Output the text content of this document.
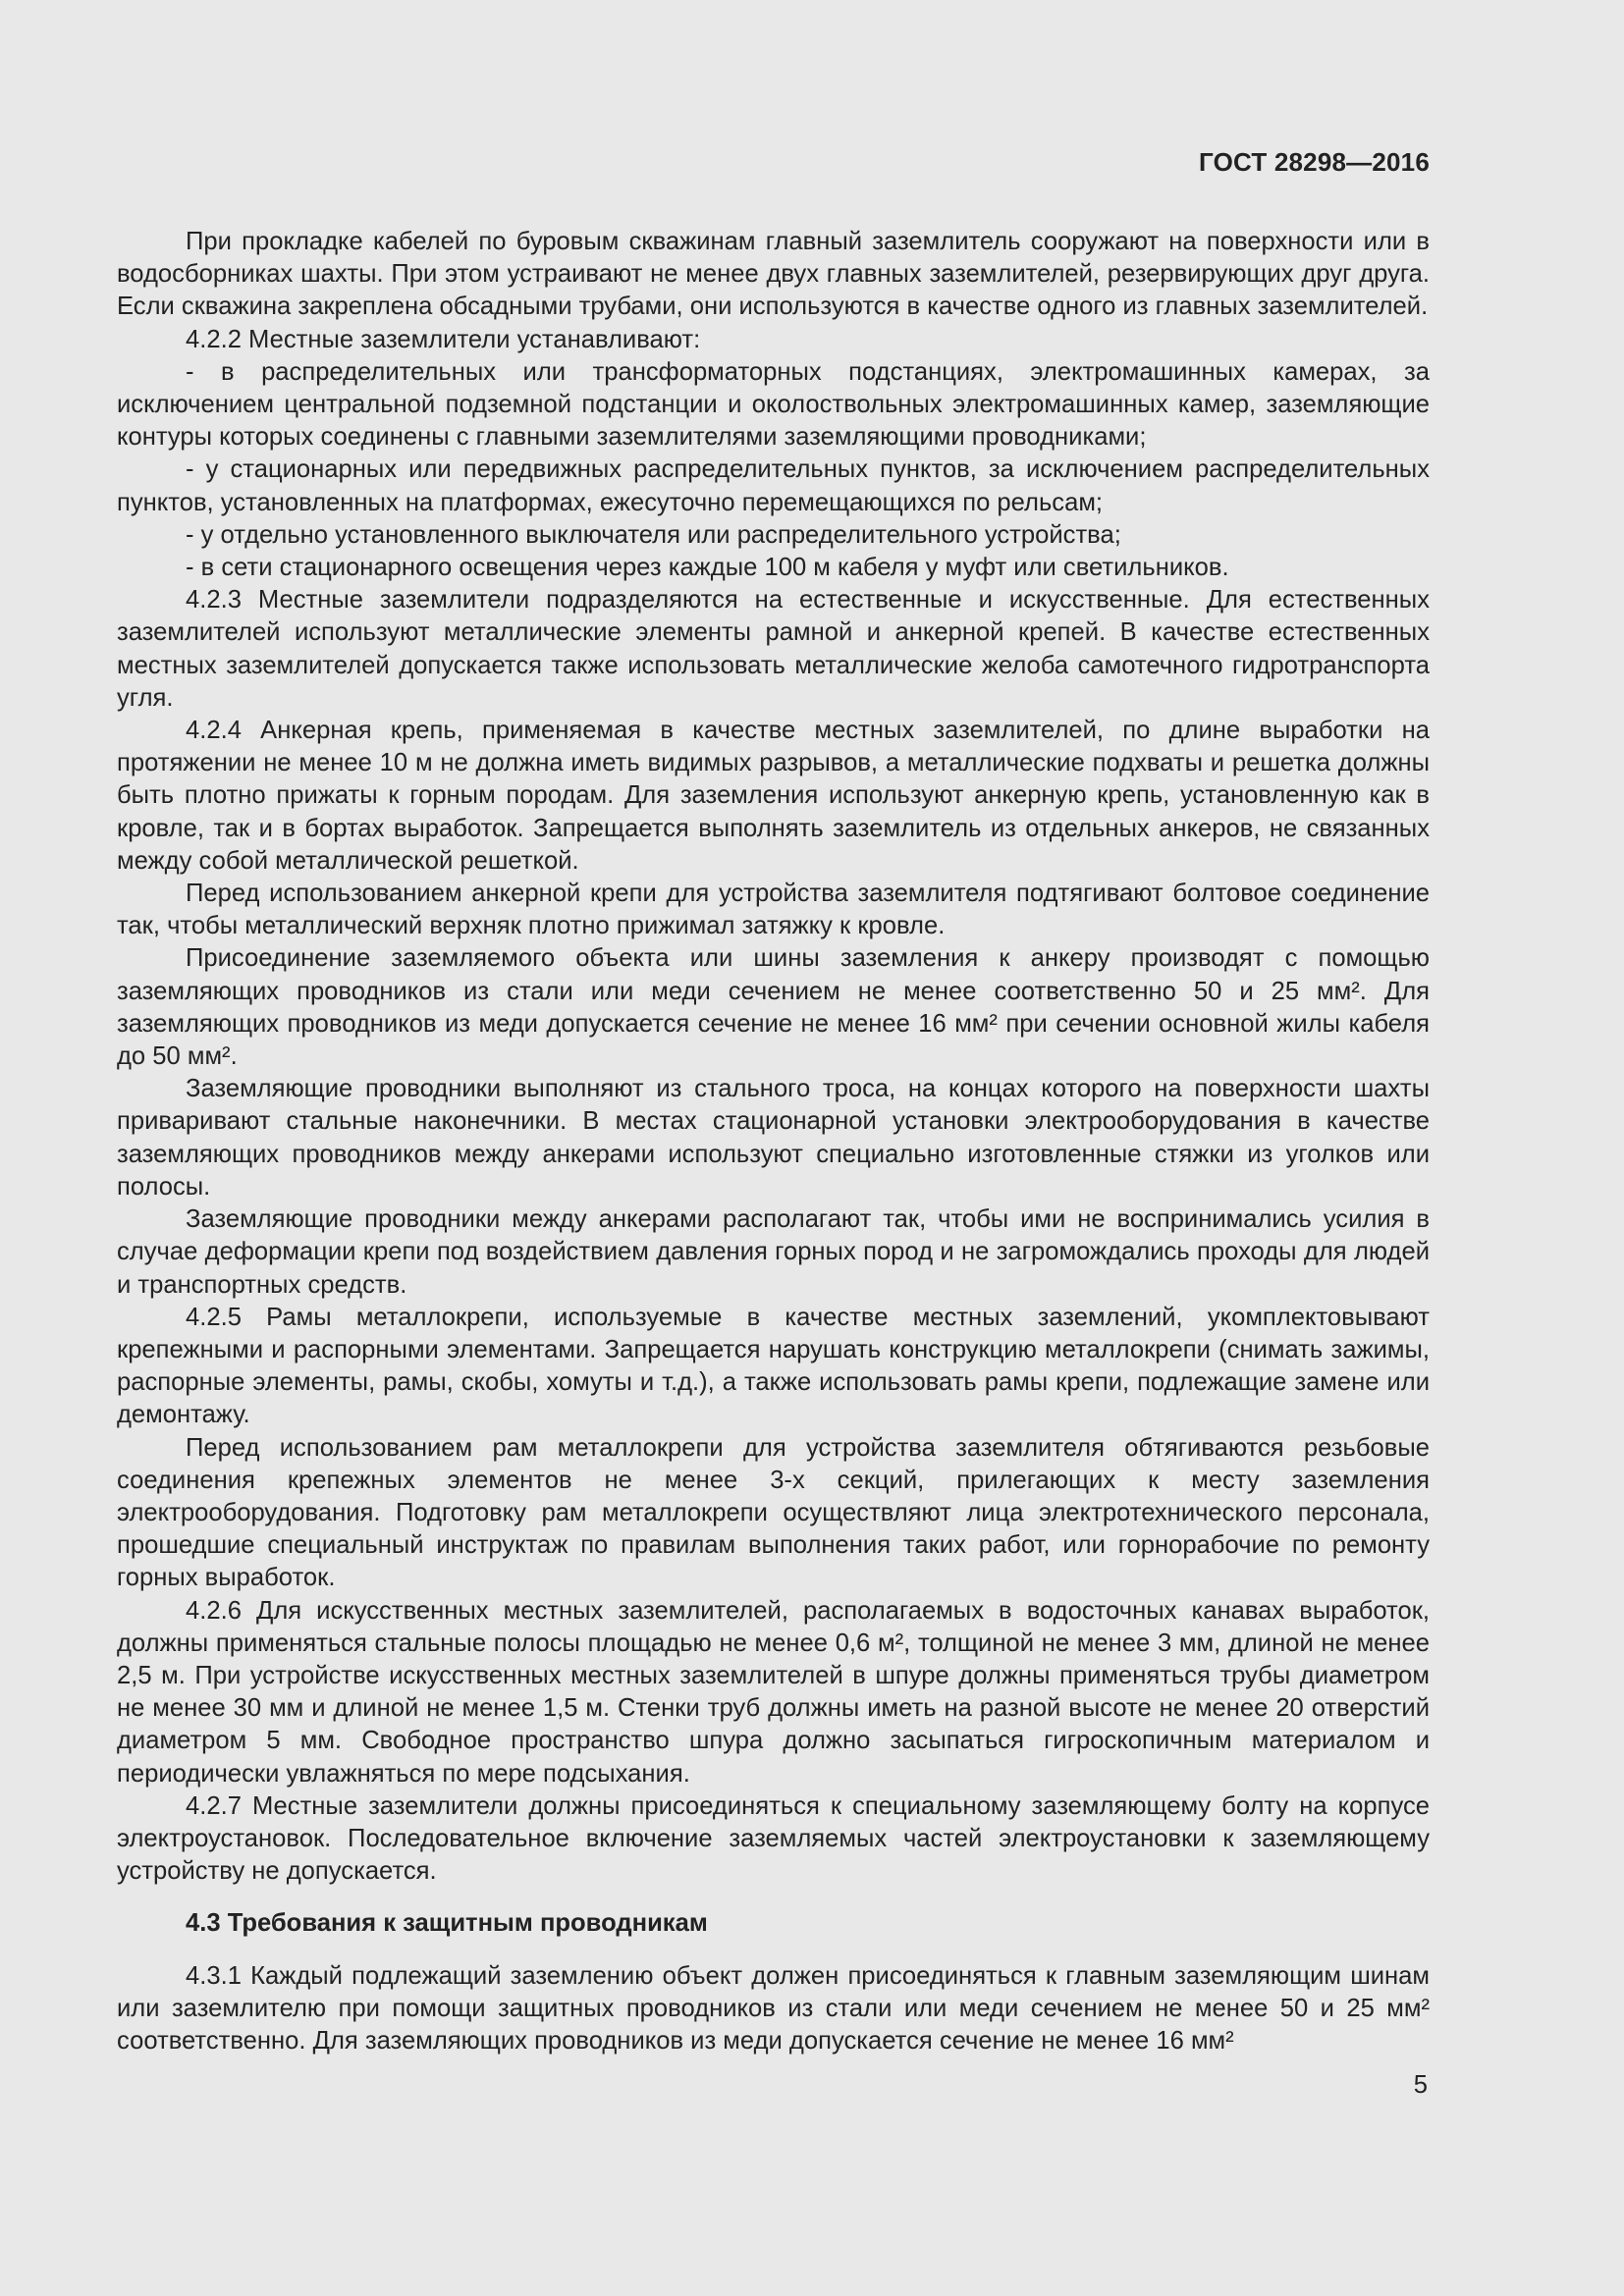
ГОСТ 28298—2016

При прокладке кабелей по буровым скважинам главный заземлитель сооружают на поверхности или в водосборниках шахты. При этом устраивают не менее двух главных заземлителей, резервирующих друг друга. Если скважина закреплена обсадными трубами, они используются в качестве одного из главных заземлителей.

4.2.2 Местные заземлители устанавливают:

- в распределительных или трансформаторных подстанциях, электромашинных камерах, за исключением центральной подземной подстанции и околоствольных электромашинных камер, заземляющие контуры которых соединены с главными заземлителями заземляющими проводниками;

- у стационарных или передвижных распределительных пунктов, за исключением распределительных пунктов, установленных на платформах, ежесуточно перемещающихся по рельсам;

- у отдельно установленного выключателя или распределительного устройства;

- в сети стационарного освещения через каждые 100 м кабеля у муфт или светильников.

4.2.3 Местные заземлители подразделяются на естественные и искусственные. Для естественных заземлителей используют металлические элементы рамной и анкерной крепей. В качестве естественных местных заземлителей допускается также использовать металлические желоба самотечного гидротранспорта угля.

4.2.4 Анкерная крепь, применяемая в качестве местных заземлителей, по длине выработки на протяжении не менее 10 м не должна иметь видимых разрывов, а металлические подхваты и решетка должны быть плотно прижаты к горным породам. Для заземления используют анкерную крепь, установленную как в кровле, так и в бортах выработок. Запрещается выполнять заземлитель из отдельных анкеров, не связанных между собой металлической решеткой.

Перед использованием анкерной крепи для устройства заземлителя подтягивают болтовое соединение так, чтобы металлический верхняк плотно прижимал затяжку к кровле.

Присоединение заземляемого объекта или шины заземления к анкеру производят с помощью заземляющих проводников из стали или меди сечением не менее соответственно 50 и 25 мм². Для заземляющих проводников из меди допускается сечение не менее 16 мм² при сечении основной жилы кабеля до 50 мм².

Заземляющие проводники выполняют из стального троса, на концах которого на поверхности шахты приваривают стальные наконечники. В местах стационарной установки электрооборудования в качестве заземляющих проводников между анкерами используют специально изготовленные стяжки из уголков или полосы.

Заземляющие проводники между анкерами располагают так, чтобы ими не воспринимались усилия в случае деформации крепи под воздействием давления горных пород и не загромождались проходы для людей и транспортных средств.

4.2.5 Рамы металлокрепи, используемые в качестве местных заземлений, укомплектовывают крепежными и распорными элементами. Запрещается нарушать конструкцию металлокрепи (снимать зажимы, распорные элементы, рамы, скобы, хомуты и т.д.), а также использовать рамы крепи, подлежащие замене или демонтажу.

Перед использованием рам металлокрепи для устройства заземлителя обтягиваются резьбовые соединения крепежных элементов не менее 3-х секций, прилегающих к месту заземления электрооборудования. Подготовку рам металлокрепи осуществляют лица электротехнического персонала, прошедшие специальный инструктаж по правилам выполнения таких работ, или горнорабочие по ремонту горных выработок.

4.2.6 Для искусственных местных заземлителей, располагаемых в водосточных канавах выработок, должны применяться стальные полосы площадью не менее 0,6 м², толщиной не менее 3 мм, длиной не менее 2,5 м. При устройстве искусственных местных заземлителей в шпуре должны применяться трубы диаметром не менее 30 мм и длиной не менее 1,5 м. Стенки труб должны иметь на разной высоте не менее 20 отверстий диаметром 5 мм. Свободное пространство шпура должно засыпаться гигроскопичным материалом и периодически увлажняться по мере подсыхания.

4.2.7 Местные заземлители должны присоединяться к специальному заземляющему болту на корпусе электроустановок. Последовательное включение заземляемых частей электроустановки к заземляющему устройству не допускается.

4.3 Требования к защитным проводникам

4.3.1 Каждый подлежащий заземлению объект должен присоединяться к главным заземляющим шинам или заземлителю при помощи защитных проводников из стали или меди сечением не менее 50 и 25 мм² соответственно. Для заземляющих проводников из меди допускается сечение не менее 16 мм²

5
